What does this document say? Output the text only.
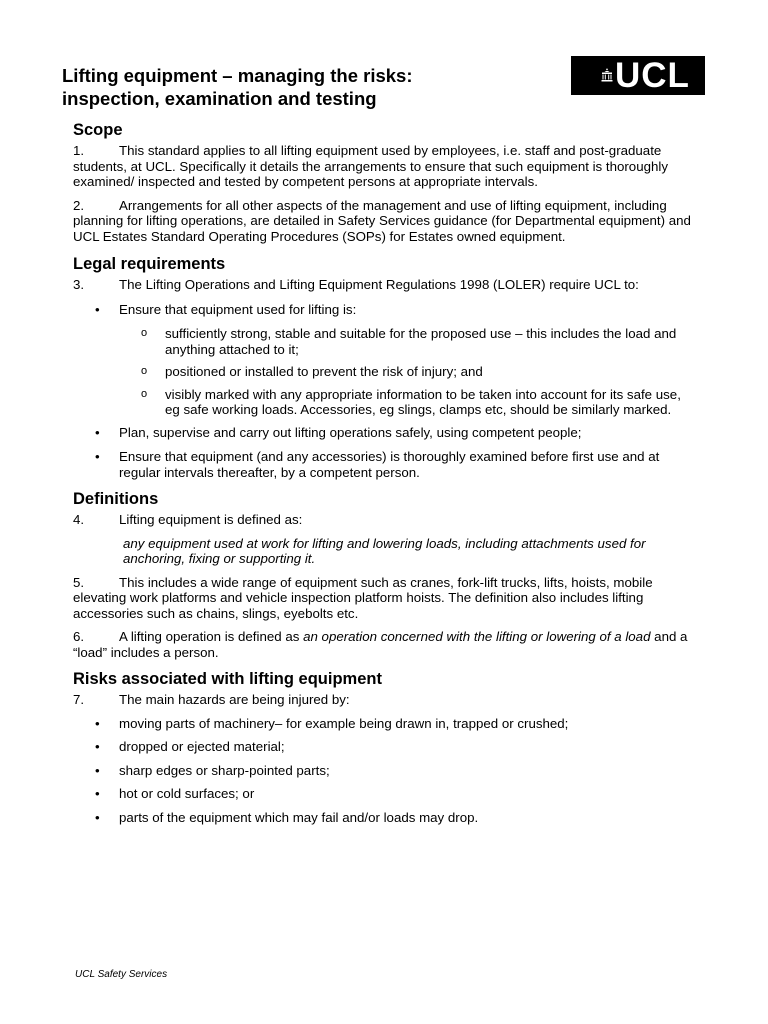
Lifting equipment – managing the risks:
inspection, examination and testing
UCL
Scope

1.	This standard applies to all lifting equipment used by employees, i.e. staff and post-graduate students, at UCL. Specifically it details the arrangements to ensure that such equipment is thoroughly examined/ inspected and tested by competent persons at appropriate intervals.

2.	Arrangements for all other aspects of the management and use of lifting equipment, including planning for lifting operations, are detailed in Safety Services guidance (for Departmental equipment) and UCL Estates Standard Operating Procedures (SOPs) for Estates owned equipment.

Legal requirements

3.	The Lifting Operations and Lifting Equipment Regulations 1998 (LOLER) require UCL to:

• Ensure that equipment used for lifting is:

o sufficiently strong, stable and suitable for the proposed use – this includes the load and anything attached to it;

o positioned or installed to prevent the risk of injury; and

o visibly marked with any appropriate information to be taken into account for its safe use, eg safe working loads. Accessories, eg slings, clamps etc, should be similarly marked.

• Plan, supervise and carry out lifting operations safely, using competent people;

• Ensure that equipment (and any accessories) is thoroughly examined before first use and at regular intervals thereafter, by a competent person.

Definitions

4.	Lifting equipment is defined as:

any equipment used at work for lifting and lowering loads, including attachments used for anchoring, fixing or supporting it.

5.	This includes a wide range of equipment such as cranes, fork-lift trucks, lifts, hoists, mobile elevating work platforms and vehicle inspection platform hoists. The definition also includes lifting accessories such as chains, slings, eyebolts etc.

6.	A lifting operation is defined as an operation concerned with the lifting or lowering of a load and a “load” includes a person.

Risks associated with lifting equipment

7.	The main hazards are being injured by:

• moving parts of machinery– for example being drawn in, trapped or crushed;

• dropped or ejected material;

• sharp edges or sharp-pointed parts;

• hot or cold surfaces; or

• parts of the equipment which may fail and/or loads may drop.

UCL Safety Services
